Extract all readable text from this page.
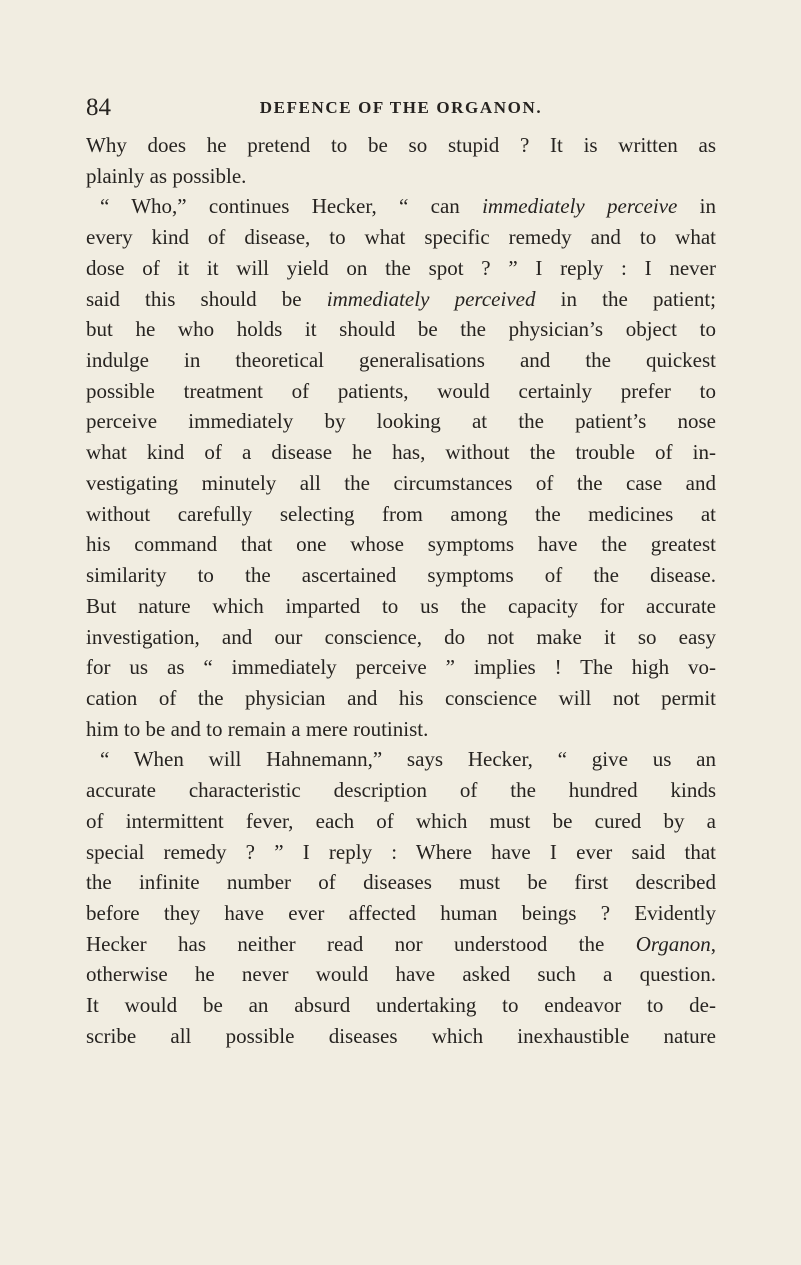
84	DEFENCE OF THE ORGANON.
Why does he pretend to be so stupid ? It is written as
plainly as possible.
“ Who,” continues Hecker, “ can immediately perceive in
every kind of disease, to what specific remedy and to what
dose of it it will yield on the spot ? ” I reply : I never
said this should be immediately perceived in the patient;
but he who holds it should be the physician’s object to
indulge in theoretical generalisations and the quickest
possible treatment of patients, would certainly prefer to
perceive immediately by looking at the patient’s nose
what kind of a disease he has, without the trouble of in-
vestigating minutely all the circumstances of the case and
without carefully selecting from among the medicines at
his command that one whose symptoms have the greatest
similarity to the ascertained symptoms of the disease.
But nature which imparted to us the capacity for accurate
investigation, and our conscience, do not make it so easy
for us as “ immediately perceive ” implies ! The high vo-
cation of the physician and his conscience will not permit
him to be and to remain a mere routinist.
“ When will Hahnemann,” says Hecker, “ give us an
accurate characteristic description of the hundred kinds
of intermittent fever, each of which must be cured by a
special remedy ? ” I reply : Where have I ever said that
the infinite number of diseases must be first described
before they have ever affected human beings ? Evidently
Hecker has neither read nor understood the Organon,
otherwise he never would have asked such a question.
It would be an absurd undertaking to endeavor to de-
scribe all possible diseases which inexhaustible nature
